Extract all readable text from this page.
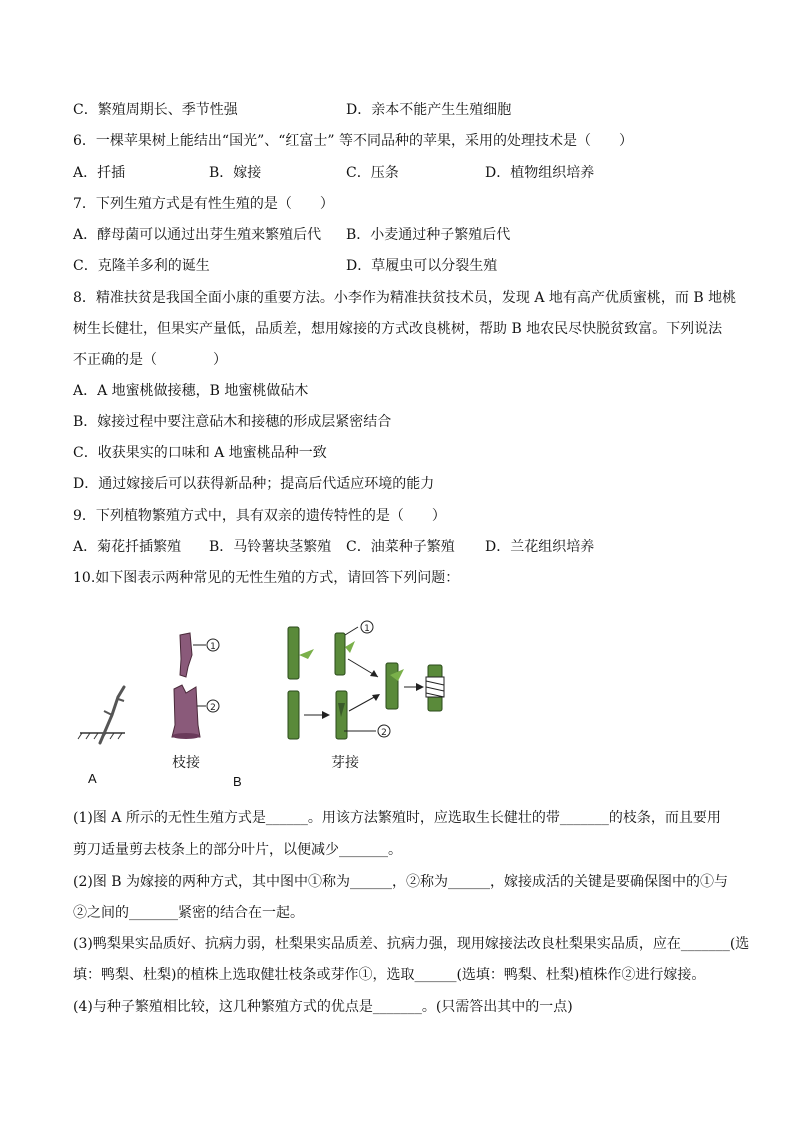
C．繁殖周期长、季节性强	D．亲本不能产生生殖细胞
6．一棵苹果树上能结出“国光”、“红富士” 等不同品种的苹果，采用的处理技术是（　　）
A．扦插	B．嫁接	C．压条	D．植物组织培养
7．下列生殖方式是有性生殖的是（　　）
A．酵母菌可以通过出芽生殖来繁殖后代 B．小麦通过种子繁殖后代
C．克隆羊多利的诞生	D．草履虫可以分裂生殖
8．精准扶贫是我国全面小康的重要方法。小李作为精准扶贫技术员，发现 A 地有高产优质蜜桃，而 B 地桃
树生长健壮，但果实产量低，品质差，想用嫁接的方式改良桃树，帮助 B 地农民尽快脱贫致富。下列说法
不正确的是（　　　　）
A．A 地蜜桃做接穗，B 地蜜桃做砧木
B．嫁接过程中要注意砧木和接穗的形成层紧密结合
C．收获果实的口味和 A 地蜜桃品种一致
D．通过嫁接后可以获得新品种；提高后代适应环境的能力
9．下列植物繁殖方式中，具有双亲的遗传特性的是（　　）
A．菊花扦插繁殖 B．马铃薯块茎繁殖 C．油菜种子繁殖 D．兰花组织培养
10.如下图表示两种常见的无性生殖的方式，请回答下列问题：
1
2
1
2
枝接	芽接
A	B
(1)图 A 所示的无性生殖方式是______。用该方法繁殖时，应选取生长健壮的带_______的枝条，而且要用
剪刀适量剪去枝条上的部分叶片，以便减少_______。
(2)图 B 为嫁接的两种方式，其中图中①称为______，②称为______，嫁接成活的关键是要确保图中的①与
②之间的_______紧密的结合在一起。
(3)鸭梨果实品质好、抗病力弱，杜梨果实品质差、抗病力强，现用嫁接法改良杜梨果实品质，应在_______(选
填：鸭梨、杜梨)的植株上选取健壮枝条或芽作①，选取______(选填：鸭梨、杜梨)植株作②进行嫁接。
(4)与种子繁殖相比较，这几种繁殖方式的优点是_______。(只需答出其中的一点)
